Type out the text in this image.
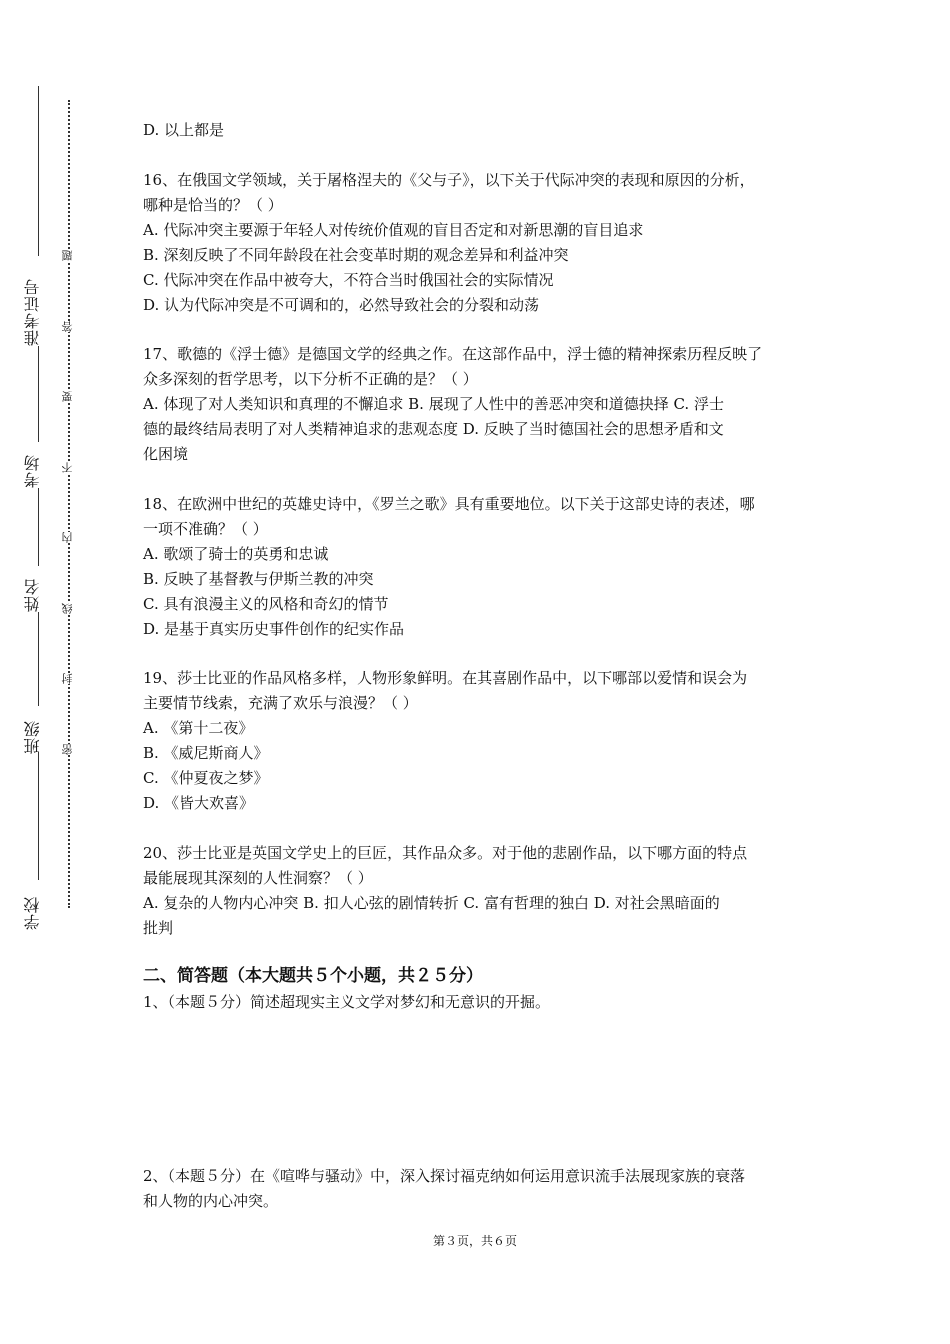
学校
班级
姓名
考场
准考证号
密
封
线
内
不
要
答
题

D. 以上都是

16、在俄国文学领域，关于屠格涅夫的《父与子》，以下关于代际冲突的表现和原因的分析，

哪种是恰当的？（ ）

A. 代际冲突主要源于年轻人对传统价值观的盲目否定和对新思潮的盲目追求

B. 深刻反映了不同年龄段在社会变革时期的观念差异和利益冲突

C. 代际冲突在作品中被夸大，不符合当时俄国社会的实际情况

D. 认为代际冲突是不可调和的，必然导致社会的分裂和动荡

17、歌德的《浮士德》是德国文学的经典之作。在这部作品中，浮士德的精神探索历程反映了

众多深刻的哲学思考，以下分析不正确的是？（ ）

A. 体现了对人类知识和真理的不懈追求 B. 展现了人性中的善恶冲突和道德抉择 C. 浮士

德的最终结局表明了对人类精神追求的悲观态度 D. 反映了当时德国社会的思想矛盾和文

化困境

18、在欧洲中世纪的英雄史诗中，《罗兰之歌》具有重要地位。以下关于这部史诗的表述，哪

一项不准确？（ ）

A. 歌颂了骑士的英勇和忠诚

B. 反映了基督教与伊斯兰教的冲突

C. 具有浪漫主义的风格和奇幻的情节

D. 是基于真实历史事件创作的纪实作品

19、莎士比亚的作品风格多样，人物形象鲜明。在其喜剧作品中，以下哪部以爱情和误会为

主要情节线索，充满了欢乐与浪漫？（ ）

A. 《第十二夜》

B. 《威尼斯商人》

C. 《仲夏夜之梦》

D. 《皆大欢喜》

20、莎士比亚是英国文学史上的巨匠，其作品众多。对于他的悲剧作品，以下哪方面的特点

最能展现其深刻的人性洞察？（ ）

A. 复杂的人物内心冲突 B. 扣人心弦的剧情转折 C. 富有哲理的独白 D. 对社会黑暗面的

批判

二、简答题（本大题共５个小题，共２５分）

1、（本题５分）简述超现实主义文学对梦幻和无意识的开掘。

2、（本题５分）在《喧哗与骚动》中，深入探讨福克纳如何运用意识流手法展现家族的衰落

和人物的内心冲突。

第３页，共６页
